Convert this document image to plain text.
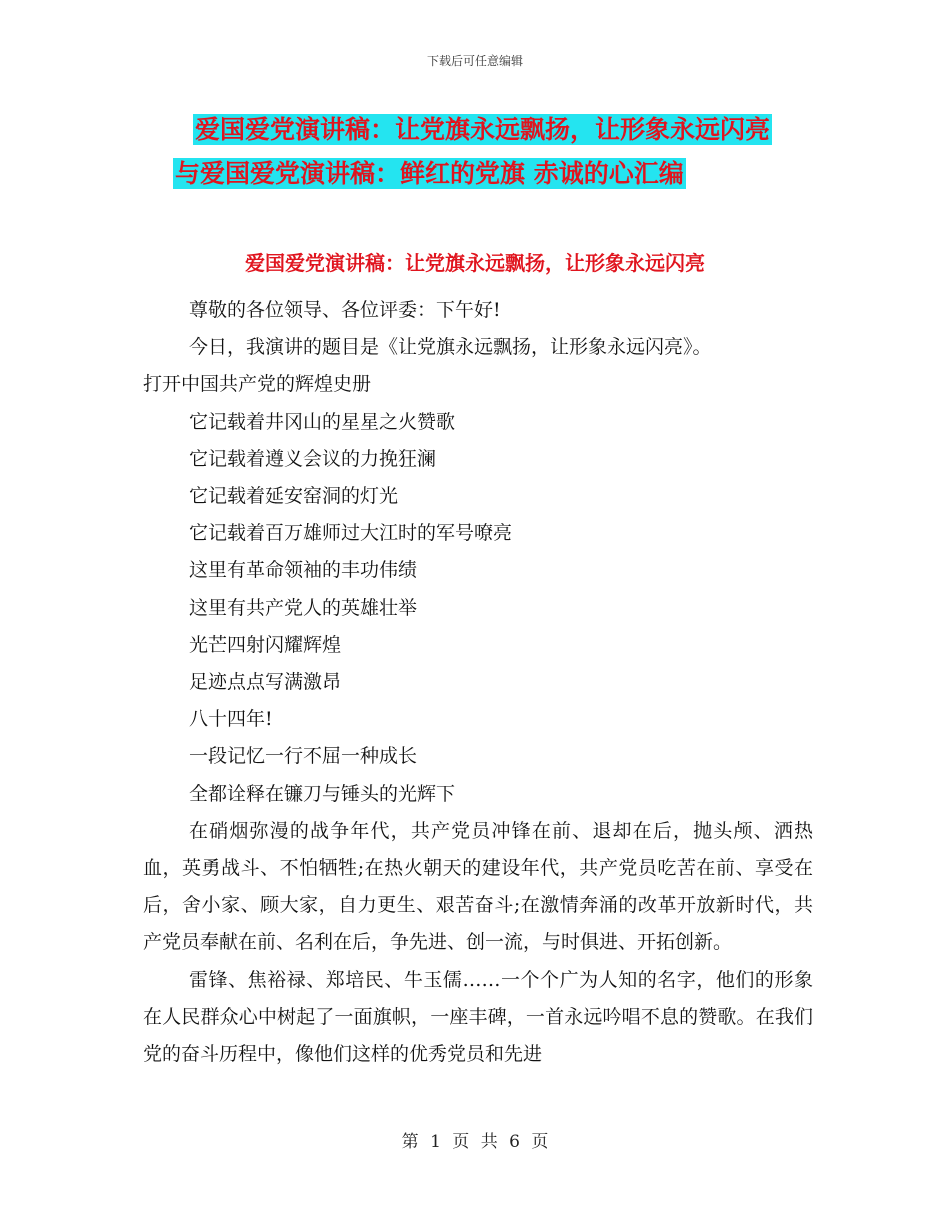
下载后可任意编辑
爱国爱党演讲稿：让党旗永远飘扬，让形象永远闪亮
与爱国爱党演讲稿：鲜红的党旗 赤诚的心汇编
爱国爱党演讲稿：让党旗永远飘扬，让形象永远闪亮

尊敬的各位领导、各位评委：下午好!

今日，我演讲的题目是《让党旗永远飘扬，让形象永远闪亮》。

打开中国共产党的辉煌史册

它记载着井冈山的星星之火赞歌

它记载着遵义会议的力挽狂澜

它记载着延安窑洞的灯光

它记载着百万雄师过大江时的军号嘹亮

这里有革命领袖的丰功伟绩

这里有共产党人的英雄壮举

光芒四射闪耀辉煌

足迹点点写满激昂

八十四年!

一段记忆一行不屈一种成长

全都诠释在镰刀与锤头的光辉下

在硝烟弥漫的战争年代，共产党员冲锋在前、退却在后，抛头颅、洒热血，英勇战斗、不怕牺牲;在热火朝天的建设年代，共产党员吃苦在前、享受在后，舍小家、顾大家，自力更生、艰苦奋斗;在激情奔涌的改革开放新时代，共产党员奉献在前、名利在后，争先进、创一流，与时俱进、开拓创新。

雷锋、焦裕禄、郑培民、牛玉儒……一个个广为人知的名字，他们的形象在人民群众心中树起了一面旗帜，一座丰碑，一首永远吟唱不息的赞歌。在我们党的奋斗历程中，像他们这样的优秀党员和先进

第 1 页 共 6 页
